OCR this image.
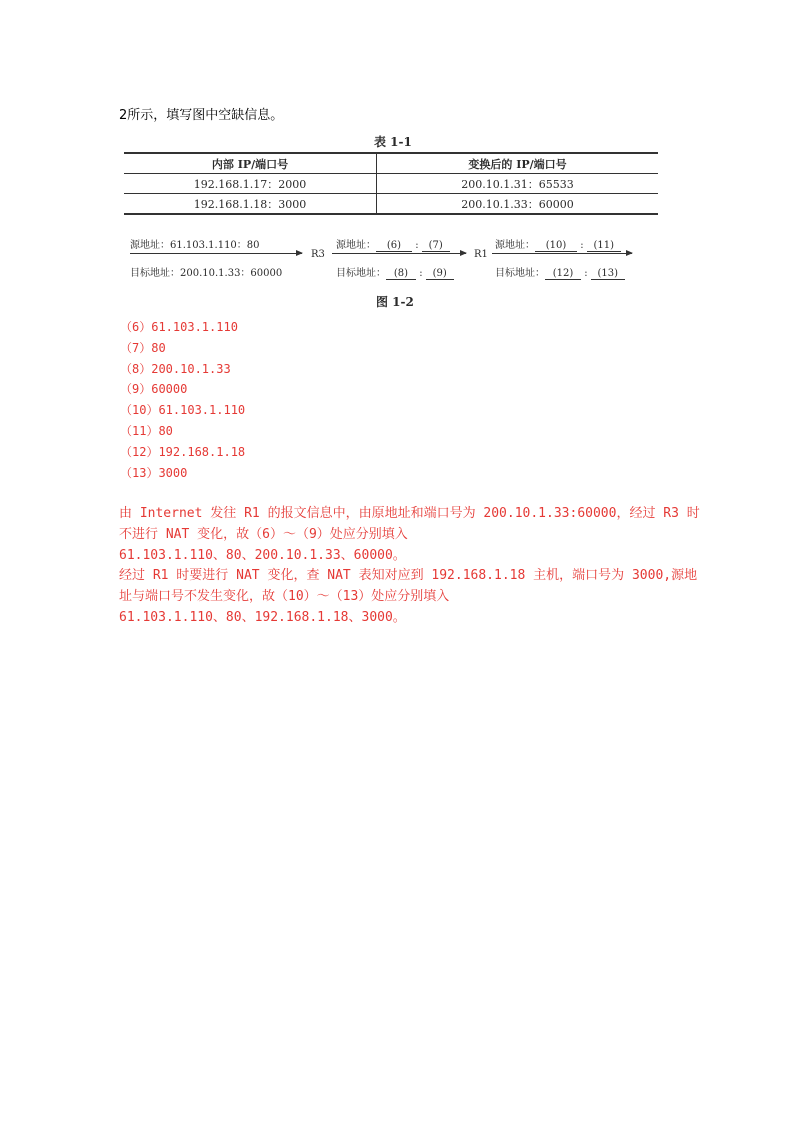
2所示，填写图中空缺信息。
表 1-1
内部 IP/端口号	变换后的 IP/端口号
192.168.1.17：2000	200.10.1.31：65533
192.168.1.18：3000	200.10.1.33：60000
源地址：61.103.1.110：80
目标地址：200.10.1.33：60000
R3
源地址： (6) : (7)
目标地址： (8) : (9)
R1
源地址： (10) : (11)
目标地址： (12) : (13)
图 1-2
（6）61.103.1.110
（7）80
（8）200.10.1.33
（9）60000
（10）61.103.1.110
（11）80
（12）192.168.1.18
（13）3000
由 Internet 发往 R1 的报文信息中，由原地址和端口号为 200.10.1.33:60000，经过 R3 时
不进行 NAT 变化，故（6）～（9）处应分别填入
61.103.1.110、80、200.10.1.33、60000。
经过 R1 时要进行 NAT 变化，查 NAT 表知对应到 192.168.1.18 主机，端口号为 3000,源地
址与端口号不发生变化，故（10）～（13）处应分别填入
61.103.1.110、80、192.168.1.18、3000。
